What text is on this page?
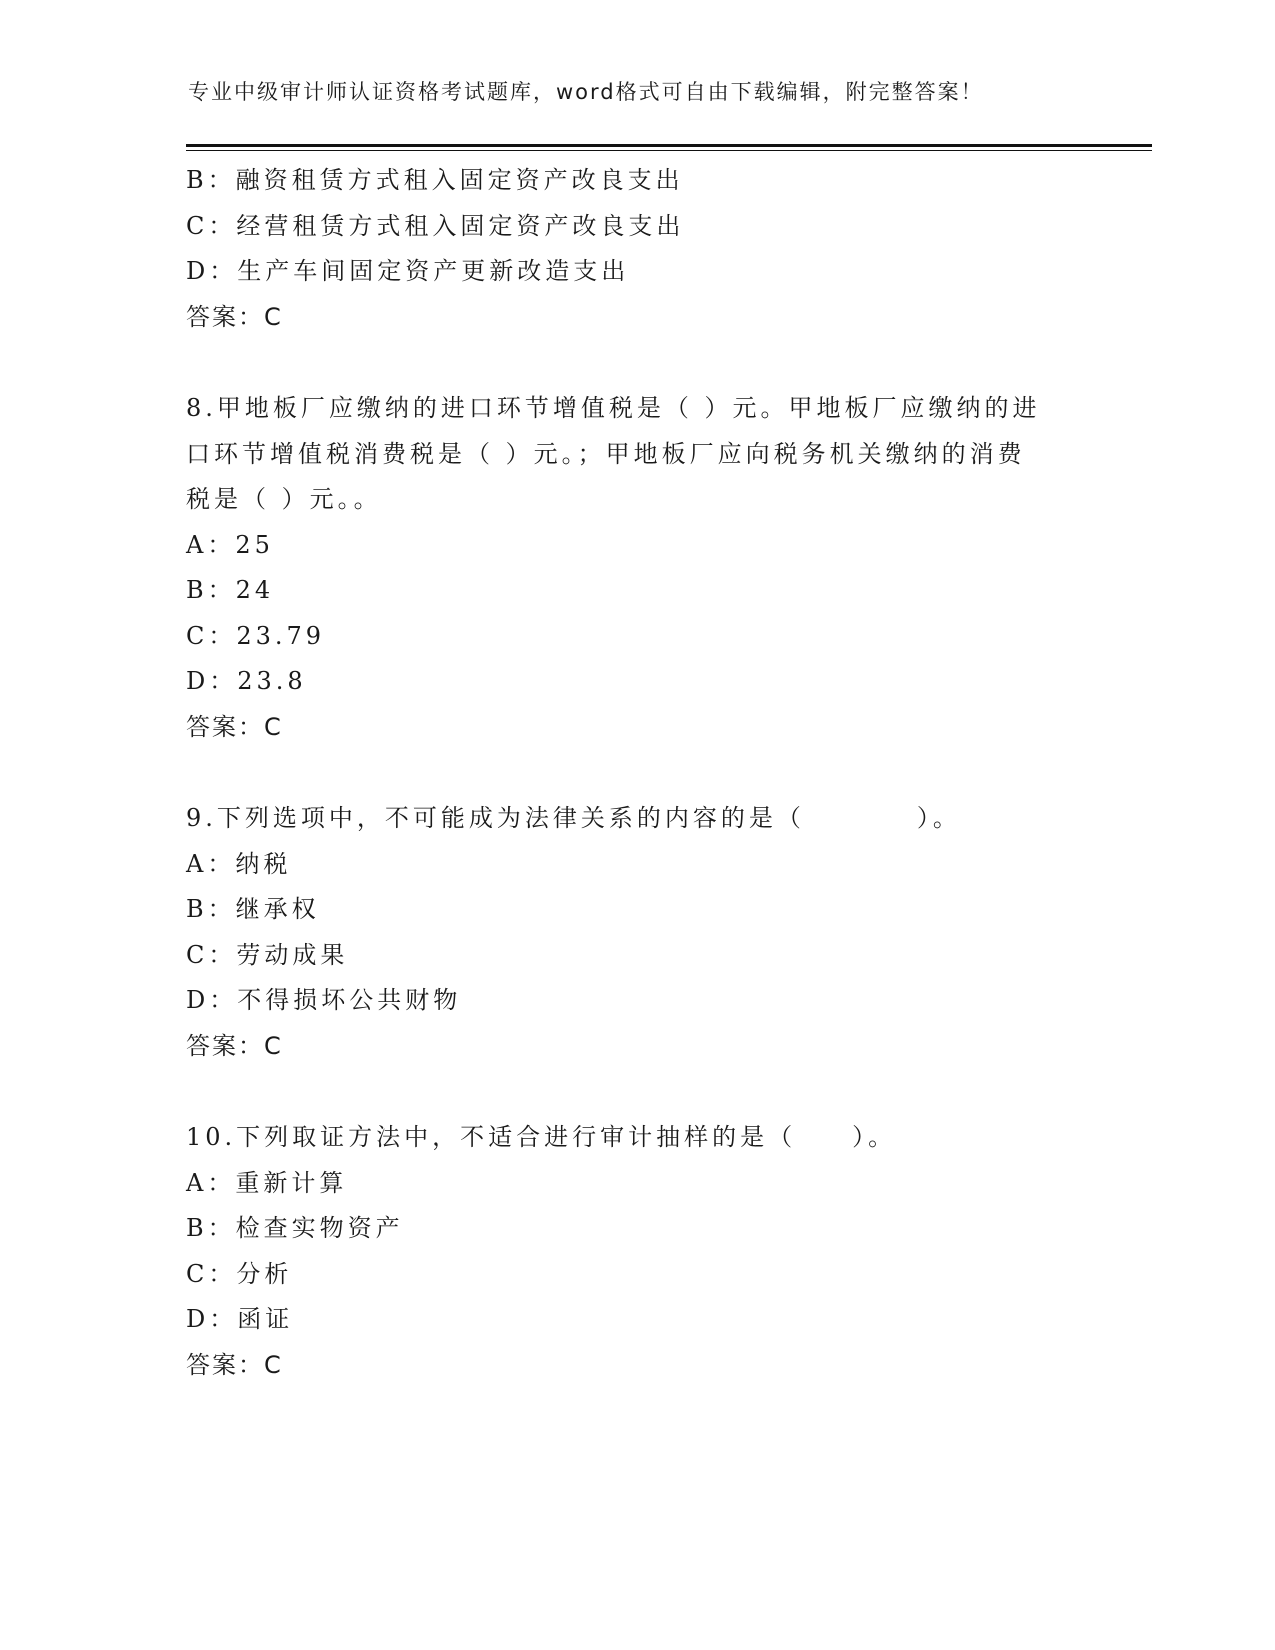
专业中级审计师认证资格考试题库，word格式可自由下载编辑，附完整答案！
B：融资租赁方式租入固定资产改良支出
C：经营租赁方式租入固定资产改良支出
D：生产车间固定资产更新改造支出
答案：C
8.甲地板厂应缴纳的进口环节增值税是（ ）元。甲地板厂应缴纳的进
口环节增值税消费税是（ ）元。；甲地板厂应向税务机关缴纳的消费
税是（ ）元。。
A：25
B：24
C：23.79
D：23.8
答案：C
9.下列选项中，不可能成为法律关系的内容的是（　　　　）。
A：纳税
B：继承权
C：劳动成果
D：不得损坏公共财物
答案：C
10.下列取证方法中，不适合进行审计抽样的是（　　）。
A：重新计算
B：检查实物资产
C：分析
D：函证
答案：C
